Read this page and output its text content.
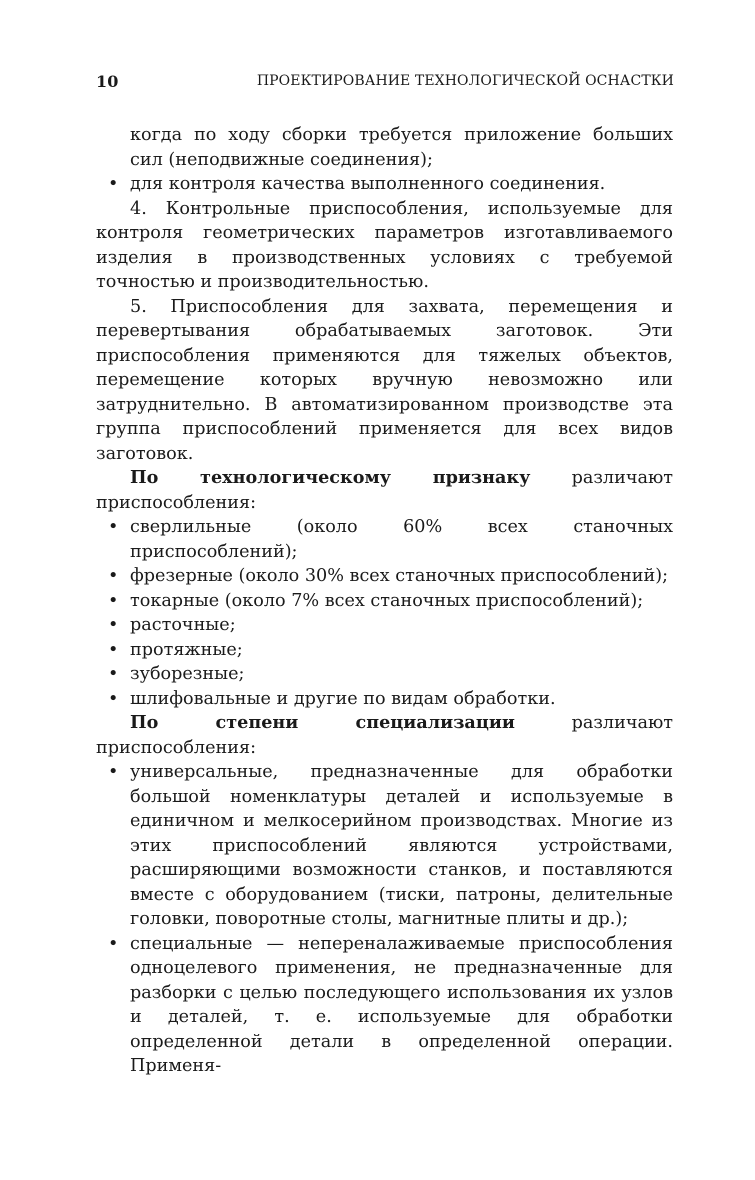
10	ПРОЕКТИРОВАНИЕ ТЕХНОЛОГИЧЕСКОЙ ОСНАСТКИ

когда по ходу сборки требуется приложение больших сил (неподвижные соединения);

• для контроля качества выполненного соединения.

4. Контрольные приспособления, используемые для контроля геометрических параметров изготавливаемого изделия в производственных условиях с требуемой точностью и производительностью.

5. Приспособления для захвата, перемещения и перевертывания обрабатываемых заготовок. Эти приспособления применяются для тяжелых объектов, перемещение которых вручную невозможно или затруднительно. В автоматизированном производстве эта группа приспособлений применяется для всех видов заготовок.

По технологическому признаку различают приспособления:

• сверлильные (около 60% всех станочных приспособлений);
• фрезерные (около 30% всех станочных приспособлений);
• токарные (около 7% всех станочных приспособлений);
• расточные;
• протяжные;
• зуборезные;
• шлифовальные и другие по видам обработки.

По степени специализации различают приспособления:

• универсальные, предназначенные для обработки большой номенклатуры деталей и используемые в единичном и мелкосерийном производствах. Многие из этих приспособлений являются устройствами, расширяющими возможности станков, и поставляются вместе с оборудованием (тиски, патроны, делительные головки, поворотные столы, магнитные плиты и др.);
• специальные — непереналаживаемые приспособления одноцелевого применения, не предназначенные для разборки с целью последующего использования их узлов и деталей, т. е. используемые для обработки определенной детали в определенной операции. Применя-
